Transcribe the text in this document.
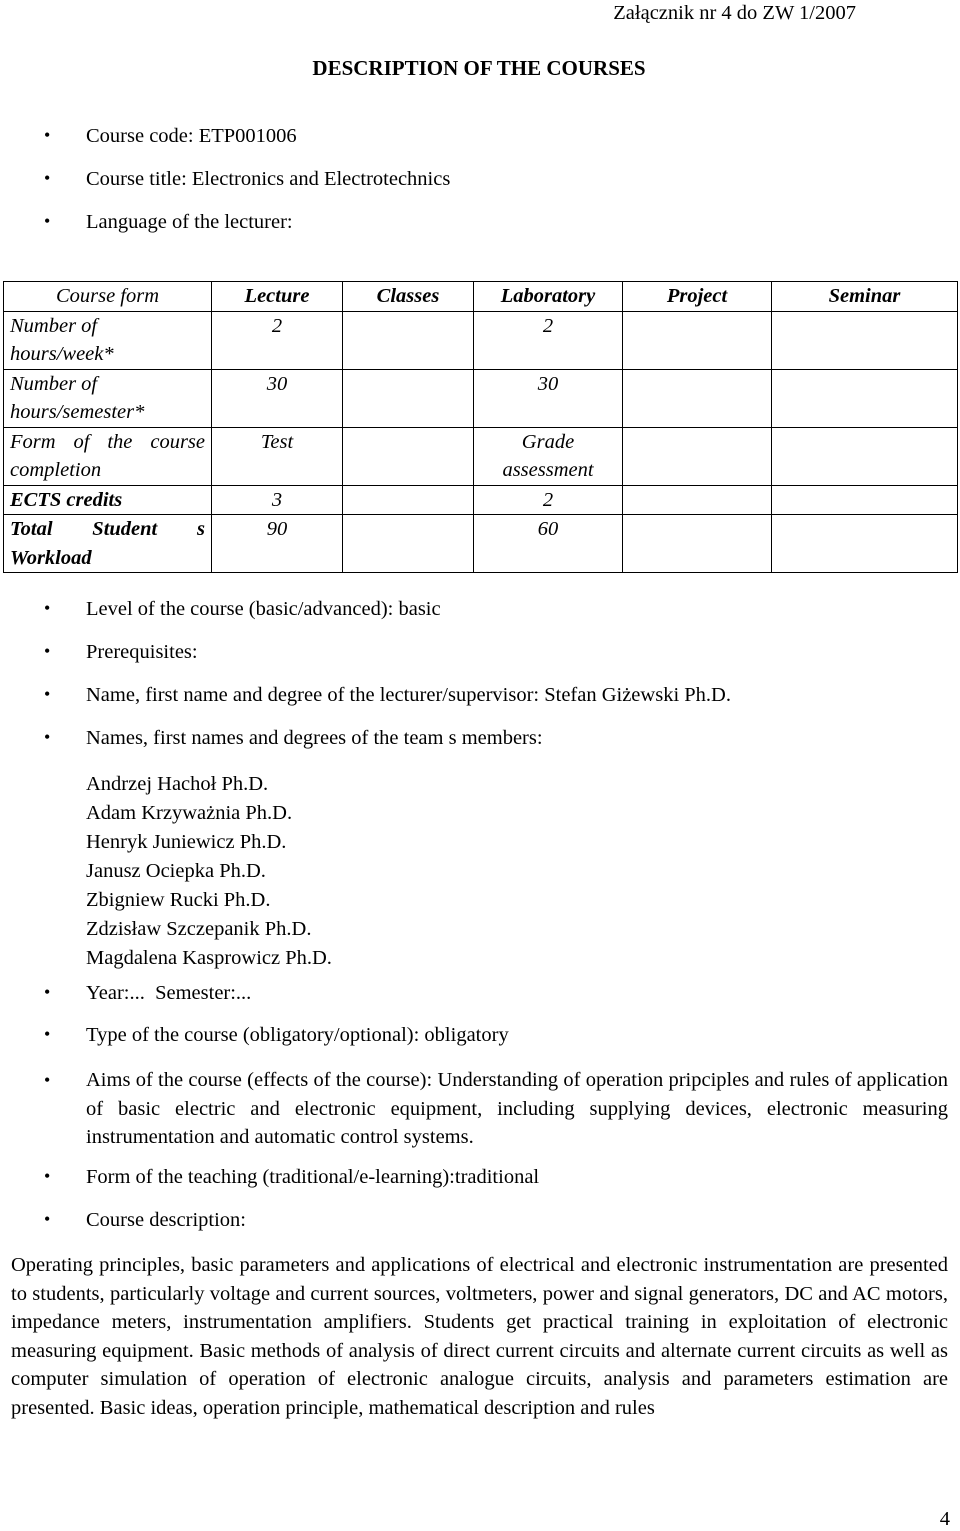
Załącznik nr 4 do ZW 1/2007
DESCRIPTION OF THE COURSES
• Course code: ETP001006
• Course title: Electronics and Electrotechnics
• Language of the lecturer:
Course form	Lecture	Classes	Laboratory	Project	Seminar
Number of hours/week*	2		2		
Number of hours/semester*	30		30		

Form of the course completion	Test		Grade assessment		
ECTS credits	3		2		

Total Student s Workload	90		60		
• Level of the course (basic/advanced): basic
• Prerequisites:
• Name, first name and degree of the lecturer/supervisor: Stefan Giżewski Ph.D.
• Names, first names and degrees of the team s members:
Andrzej Hachoł Ph.D.
Adam Krzyważnia Ph.D.
Henryk Juniewicz Ph.D.
Janusz Ociepka Ph.D.
Zbigniew Rucki Ph.D.
Zdzisław Szczepanik Ph.D.
Magdalena Kasprowicz Ph.D.
• Year:...  Semester:...
• Type of the course (obligatory/optional): obligatory
• Aims of the course (effects of the course): Understanding of operation pripciples and rules of application of basic electric and electronic equipment, including supplying devices, electronic measuring instrumentation and automatic control systems.
• Form of the teaching (traditional/e-learning):traditional
• Course description:
Operating principles, basic parameters and applications of electrical and electronic instrumentation are presented to students, particularly voltage and current sources, voltmeters, power and signal generators, DC and AC motors, impedance meters, instrumentation amplifiers. Students get practical training in exploitation of electronic measuring equipment. Basic methods of analysis of direct current circuits and alternate current circuits as well as computer simulation of operation of electronic analogue circuits, analysis and parameters estimation are presented. Basic ideas, operation principle, mathematical description and rules
4
